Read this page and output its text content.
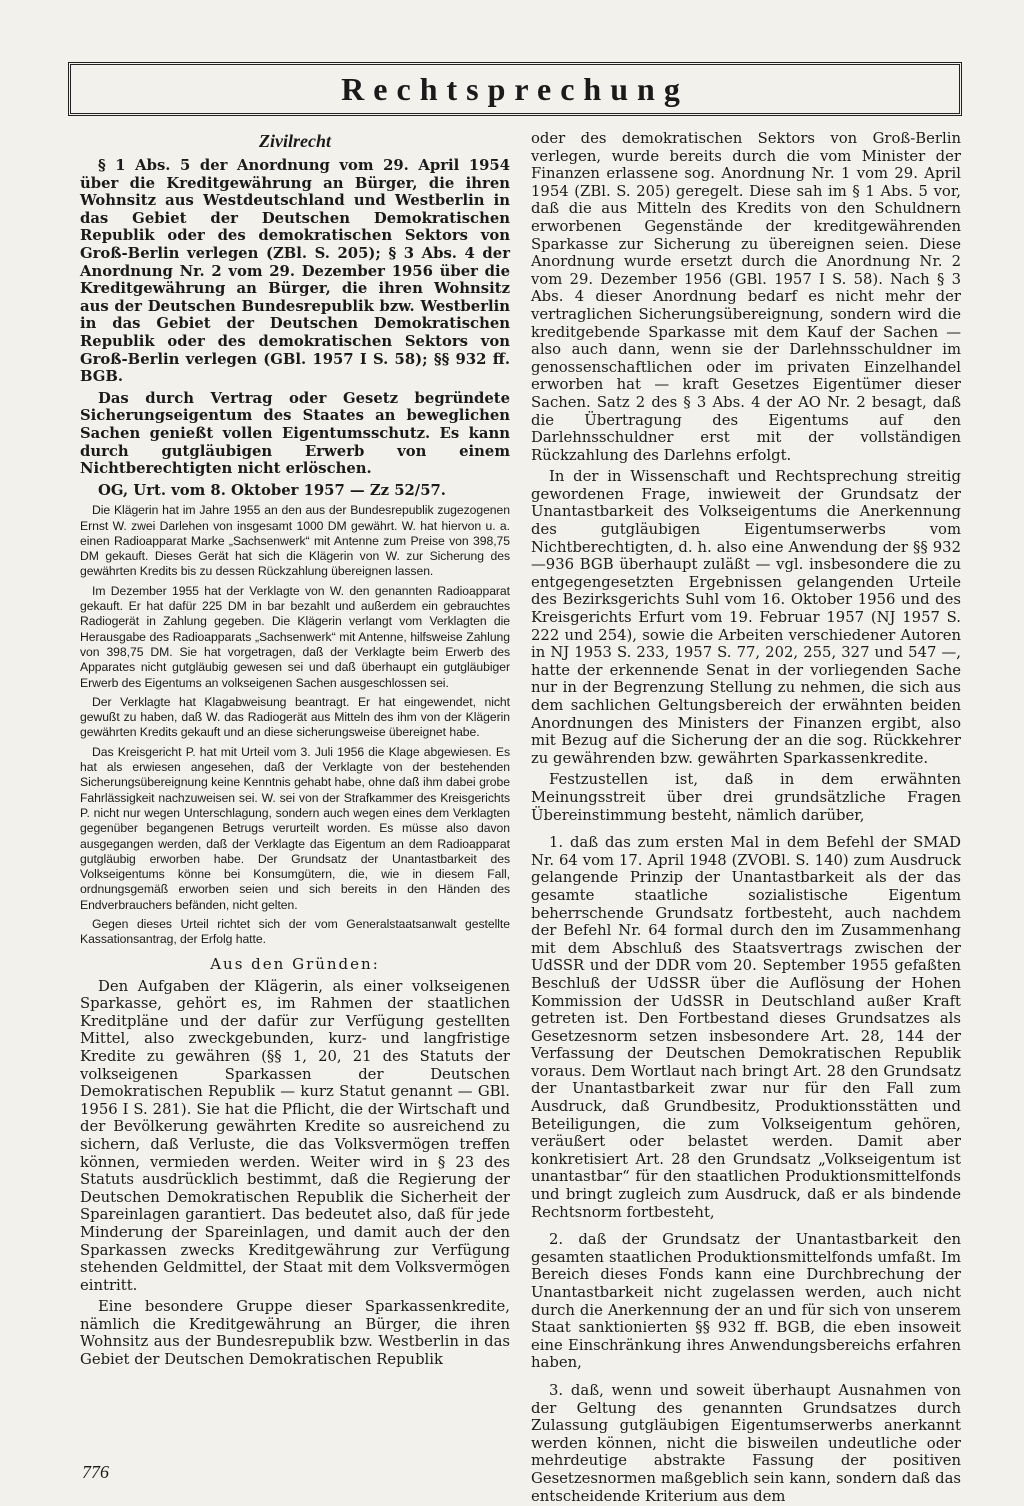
Rechtsprechung
Zivilrecht

§ 1 Abs. 5 der Anordnung vom 29. April 1954 über die Kreditgewährung an Bürger, die ihren Wohnsitz aus Westdeutschland und Westberlin in das Gebiet der Deutschen Demokratischen Republik oder des demokratischen Sektors von Groß-Berlin verlegen (ZBl. S. 205); § 3 Abs. 4 der Anordnung Nr. 2 vom 29. Dezember 1956 über die Kreditgewährung an Bürger, die ihren Wohnsitz aus der Deutschen Bundesrepublik bzw. Westberlin in das Gebiet der Deutschen Demokratischen Republik oder des demokratischen Sektors von Groß-Berlin verlegen (GBl. 1957 I S. 58); §§ 932 ff. BGB.

Das durch Vertrag oder Gesetz begründete Sicherungseigentum des Staates an beweglichen Sachen genießt vollen Eigentumsschutz. Es kann durch gutgläubigen Erwerb von einem Nichtberechtigten nicht erlöschen.

OG, Urt. vom 8. Oktober 1957 — Zz 52/57.

Die Klägerin hat im Jahre 1955 an den aus der Bundesrepublik zugezogenen Ernst W. zwei Darlehen von insgesamt 1000 DM gewährt. W. hat hiervon u. a. einen Radioapparat Marke „Sachsenwerk“ mit Antenne zum Preise von 398,75 DM gekauft. Dieses Gerät hat sich die Klägerin von W. zur Sicherung des gewährten Kredits bis zu dessen Rückzahlung übereignen lassen.

Im Dezember 1955 hat der Verklagte von W. den genannten Radioapparat gekauft. Er hat dafür 225 DM in bar bezahlt und außerdem ein gebrauchtes Radiogerät in Zahlung gegeben. Die Klägerin verlangt vom Verklagten die Herausgabe des Radioapparats „Sachsenwerk“ mit Antenne, hilfsweise Zahlung von 398,75 DM. Sie hat vorgetragen, daß der Verklagte beim Erwerb des Apparates nicht gutgläubig gewesen sei und daß überhaupt ein gutgläubiger Erwerb des Eigentums an volkseigenen Sachen ausgeschlossen sei.

Der Verklagte hat Klagabweisung beantragt. Er hat eingewendet, nicht gewußt zu haben, daß W. das Radiogerät aus Mitteln des ihm von der Klägerin gewährten Kredits gekauft und an diese sicherungsweise übereignet habe.

Das Kreisgericht P. hat mit Urteil vom 3. Juli 1956 die Klage abgewiesen. Es hat als erwiesen angesehen, daß der Verklagte von der bestehenden Sicherungsübereignung keine Kenntnis gehabt habe, ohne daß ihm dabei grobe Fahrlässigkeit nachzuweisen sei. W. sei von der Strafkammer des Kreisgerichts P. nicht nur wegen Unterschlagung, sondern auch wegen eines dem Verklagten gegenüber begangenen Betrugs verurteilt worden. Es müsse also davon ausgegangen werden, daß der Verklagte das Eigentum an dem Radioapparat gutgläubig erworben habe. Der Grundsatz der Unantastbarkeit des Volkseigentums könne bei Konsumgütern, die, wie in diesem Fall, ordnungsgemäß erworben seien und sich bereits in den Händen des Endverbrauchers befänden, nicht gelten.

Gegen dieses Urteil richtet sich der vom Generalstaatsanwalt gestellte Kassationsantrag, der Erfolg hatte.

Aus den Gründen:

Den Aufgaben der Klägerin, als einer volkseigenen Sparkasse, gehört es, im Rahmen der staatlichen Kreditpläne und der dafür zur Verfügung gestellten Mittel, also zweckgebunden, kurz- und langfristige Kredite zu gewähren (§§ 1, 20, 21 des Statuts der volkseigenen Sparkassen der Deutschen Demokratischen Republik — kurz Statut genannt — GBl. 1956 I S. 281). Sie hat die Pflicht, die der Wirtschaft und der Bevölkerung gewährten Kredite so ausreichend zu sichern, daß Verluste, die das Volksvermögen treffen können, vermieden werden. Weiter wird in § 23 des Statuts ausdrücklich bestimmt, daß die Regierung der Deutschen Demokratischen Republik die Sicherheit der Spareinlagen garantiert. Das bedeutet also, daß für jede Minderung der Spareinlagen, und damit auch der den Sparkassen zwecks Kreditgewährung zur Verfügung stehenden Geldmittel, der Staat mit dem Volksvermögen eintritt.

Eine besondere Gruppe dieser Sparkassenkredite, nämlich die Kreditgewährung an Bürger, die ihren Wohnsitz aus der Bundesrepublik bzw. Westberlin in das Gebiet der Deutschen Demokratischen Republik

oder des demokratischen Sektors von Groß-Berlin verlegen, wurde bereits durch die vom Minister der Finanzen erlassene sog. Anordnung Nr. 1 vom 29. April 1954 (ZBl. S. 205) geregelt. Diese sah im § 1 Abs. 5 vor, daß die aus Mitteln des Kredits von den Schuldnern erworbenen Gegenstände der kreditgewährenden Sparkasse zur Sicherung zu übereignen seien. Diese Anordnung wurde ersetzt durch die Anordnung Nr. 2 vom 29. Dezember 1956 (GBl. 1957 I S. 58). Nach § 3 Abs. 4 dieser Anordnung bedarf es nicht mehr der vertraglichen Sicherungsübereignung, sondern wird die kreditgebende Sparkasse mit dem Kauf der Sachen — also auch dann, wenn sie der Darlehnsschuldner im genossenschaftlichen oder im privaten Einzelhandel erworben hat — kraft Gesetzes Eigentümer dieser Sachen. Satz 2 des § 3 Abs. 4 der AO Nr. 2 besagt, daß die Übertragung des Eigentums auf den Darlehnsschuldner erst mit der vollständigen Rückzahlung des Darlehns erfolgt.

In der in Wissenschaft und Rechtsprechung streitig gewordenen Frage, inwieweit der Grundsatz der Unantastbarkeit des Volkseigentums die Anerkennung des gutgläubigen Eigentumserwerbs vom Nichtberechtigten, d. h. also eine Anwendung der §§ 932—936 BGB überhaupt zuläßt — vgl. insbesondere die zu entgegengesetzten Ergebnissen gelangenden Urteile des Bezirksgerichts Suhl vom 16. Oktober 1956 und des Kreisgerichts Erfurt vom 19. Februar 1957 (NJ 1957 S. 222 und 254), sowie die Arbeiten verschiedener Autoren in NJ 1953 S. 233, 1957 S. 77, 202, 255, 327 und 547 —, hatte der erkennende Senat in der vorliegenden Sache nur in der Begrenzung Stellung zu nehmen, die sich aus dem sachlichen Geltungsbereich der erwähnten beiden Anordnungen des Ministers der Finanzen ergibt, also mit Bezug auf die Sicherung der an die sog. Rückkehrer zu gewährenden bzw. gewährten Sparkassenkredite.

Festzustellen ist, daß in dem erwähnten Meinungsstreit über drei grundsätzliche Fragen Übereinstimmung besteht, nämlich darüber,

1. daß das zum ersten Mal in dem Befehl der SMAD Nr. 64 vom 17. April 1948 (ZVOBl. S. 140) zum Ausdruck gelangende Prinzip der Unantastbarkeit als der das gesamte staatliche sozialistische Eigentum beherrschende Grundsatz fortbesteht, auch nachdem der Befehl Nr. 64 formal durch den im Zusammenhang mit dem Abschluß des Staatsvertrags zwischen der UdSSR und der DDR vom 20. September 1955 gefaßten Beschluß der UdSSR über die Auflösung der Hohen Kommission der UdSSR in Deutschland außer Kraft getreten ist. Den Fortbestand dieses Grundsatzes als Gesetzesnorm setzen insbesondere Art. 28, 144 der Verfassung der Deutschen Demokratischen Republik voraus. Dem Wortlaut nach bringt Art. 28 den Grundsatz der Unantastbarkeit zwar nur für den Fall zum Ausdruck, daß Grundbesitz, Produktionsstätten und Beteiligungen, die zum Volkseigentum gehören, veräußert oder belastet werden. Damit aber konkretisiert Art. 28 den Grundsatz „Volkseigentum ist unantastbar“ für den staatlichen Produktionsmittelfonds und bringt zugleich zum Ausdruck, daß er als bindende Rechtsnorm fortbesteht,

2. daß der Grundsatz der Unantastbarkeit den gesamten staatlichen Produktionsmittelfonds umfaßt. Im Bereich dieses Fonds kann eine Durchbrechung der Unantastbarkeit nicht zugelassen werden, auch nicht durch die Anerkennung der an und für sich von unserem Staat sanktionierten §§ 932 ff. BGB, die eben insoweit eine Einschränkung ihres Anwendungsbereichs erfahren haben,

3. daß, wenn und soweit überhaupt Ausnahmen von der Geltung des genannten Grundsatzes durch Zulassung gutgläubigen Eigentumserwerbs anerkannt werden können, nicht die bisweilen undeutliche oder mehrdeutige abstrakte Fassung der positiven Gesetzesnormen maßgeblich sein kann, sondern daß das entscheidende Kriterium aus dem

776
